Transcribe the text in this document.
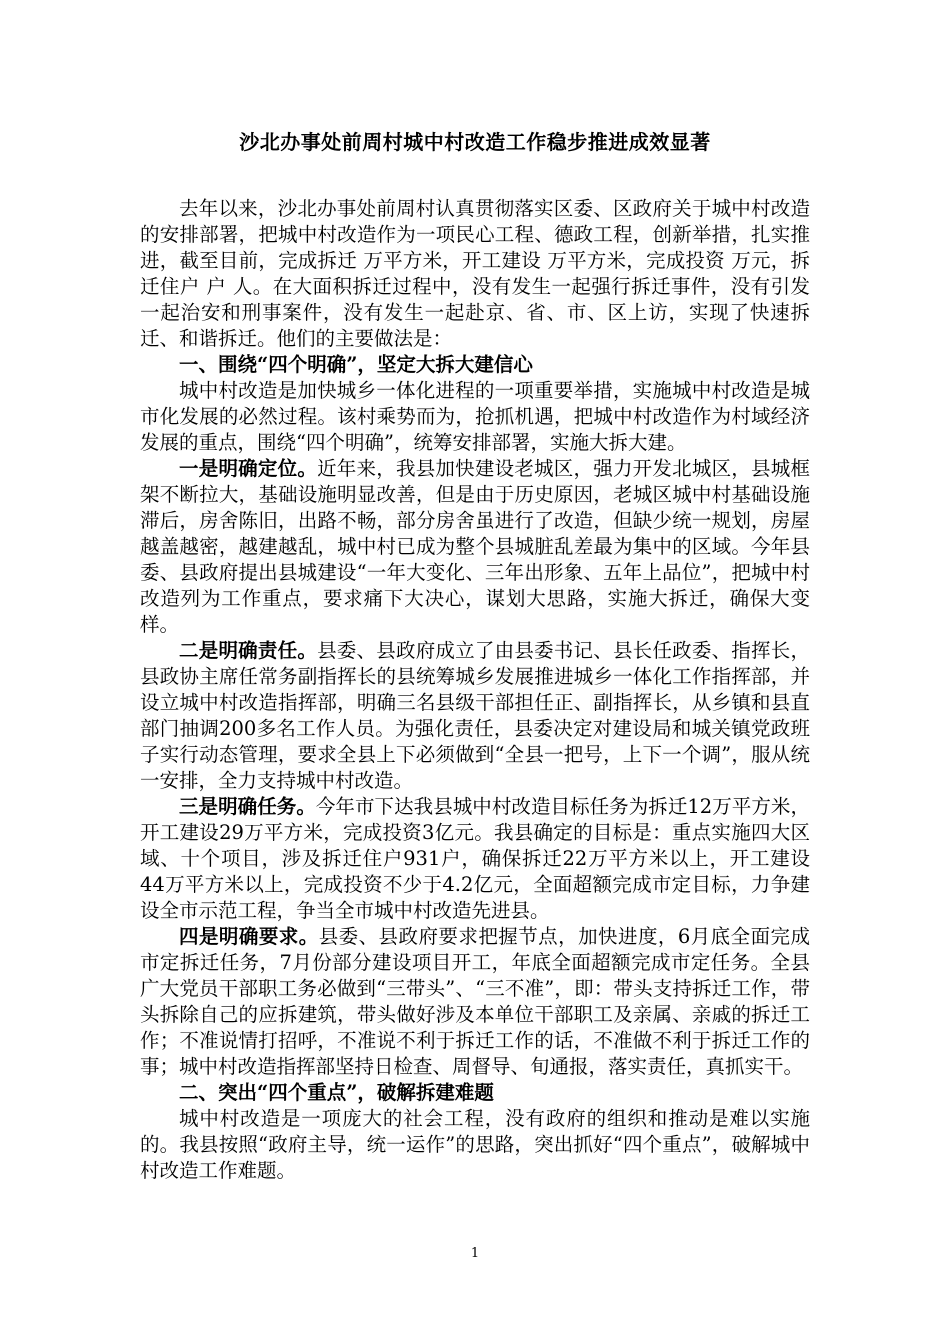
沙北办事处前周村城中村改造工作稳步推进成效显著

去年以来，沙北办事处前周村认真贯彻落实区委、区政府关于城中村改造的安排部署，把城中村改造作为一项民心工程、德政工程，创新举措，扎实推进，截至目前，完成拆迁 万平方米，开工建设 万平方米，完成投资 万元，拆迁住户 户 人。在大面积拆迁过程中，没有发生一起强行拆迁事件，没有引发一起治安和刑事案件，没有发生一起赴京、省、市、区上访，实现了快速拆迁、和谐拆迁。他们的主要做法是：

一、围绕“四个明确”，坚定大拆大建信心

城中村改造是加快城乡一体化进程的一项重要举措，实施城中村改造是城市化发展的必然过程。该村乘势而为，抢抓机遇，把城中村改造作为村域经济发展的重点，围绕“四个明确”，统筹安排部署，实施大拆大建。

一是明确定位。近年来，我县加快建设老城区，强力开发北城区，县城框架不断拉大，基础设施明显改善，但是由于历史原因，老城区城中村基础设施滞后，房舍陈旧，出路不畅，部分房舍虽进行了改造，但缺少统一规划，房屋越盖越密，越建越乱，城中村已成为整个县城脏乱差最为集中的区域。今年县委、县政府提出县城建设“一年大变化、三年出形象、五年上品位”，把城中村改造列为工作重点，要求痛下大决心，谋划大思路，实施大拆迁，确保大变样。

二是明确责任。县委、县政府成立了由县委书记、县长任政委、指挥长，县政协主席任常务副指挥长的县统筹城乡发展推进城乡一体化工作指挥部，并设立城中村改造指挥部，明确三名县级干部担任正、副指挥长，从乡镇和县直部门抽调200多名工作人员。为强化责任，县委决定对建设局和城关镇党政班子实行动态管理，要求全县上下必须做到“全县一把号，上下一个调”，服从统一安排，全力支持城中村改造。

三是明确任务。今年市下达我县城中村改造目标任务为拆迁12万平方米，开工建设29万平方米，完成投资3亿元。我县确定的目标是：重点实施四大区域、十个项目，涉及拆迁住户931户，确保拆迁22万平方米以上，开工建设44万平方米以上，完成投资不少于4.2亿元，全面超额完成市定目标，力争建设全市示范工程，争当全市城中村改造先进县。

四是明确要求。县委、县政府要求把握节点，加快进度，6月底全面完成市定拆迁任务，7月份部分建设项目开工，年底全面超额完成市定任务。全县广大党员干部职工务必做到“三带头”、“三不准”，即：带头支持拆迁工作，带头拆除自己的应拆建筑，带头做好涉及本单位干部职工及亲属、亲戚的拆迁工作；不准说情打招呼，不准说不利于拆迁工作的话，不准做不利于拆迁工作的事；城中村改造指挥部坚持日检查、周督导、旬通报，落实责任，真抓实干。

二、突出“四个重点”，破解拆建难题

城中村改造是一项庞大的社会工程，没有政府的组织和推动是难以实施的。我县按照“政府主导，统一运作”的思路，突出抓好“四个重点”，破解城中村改造工作难题。

1
